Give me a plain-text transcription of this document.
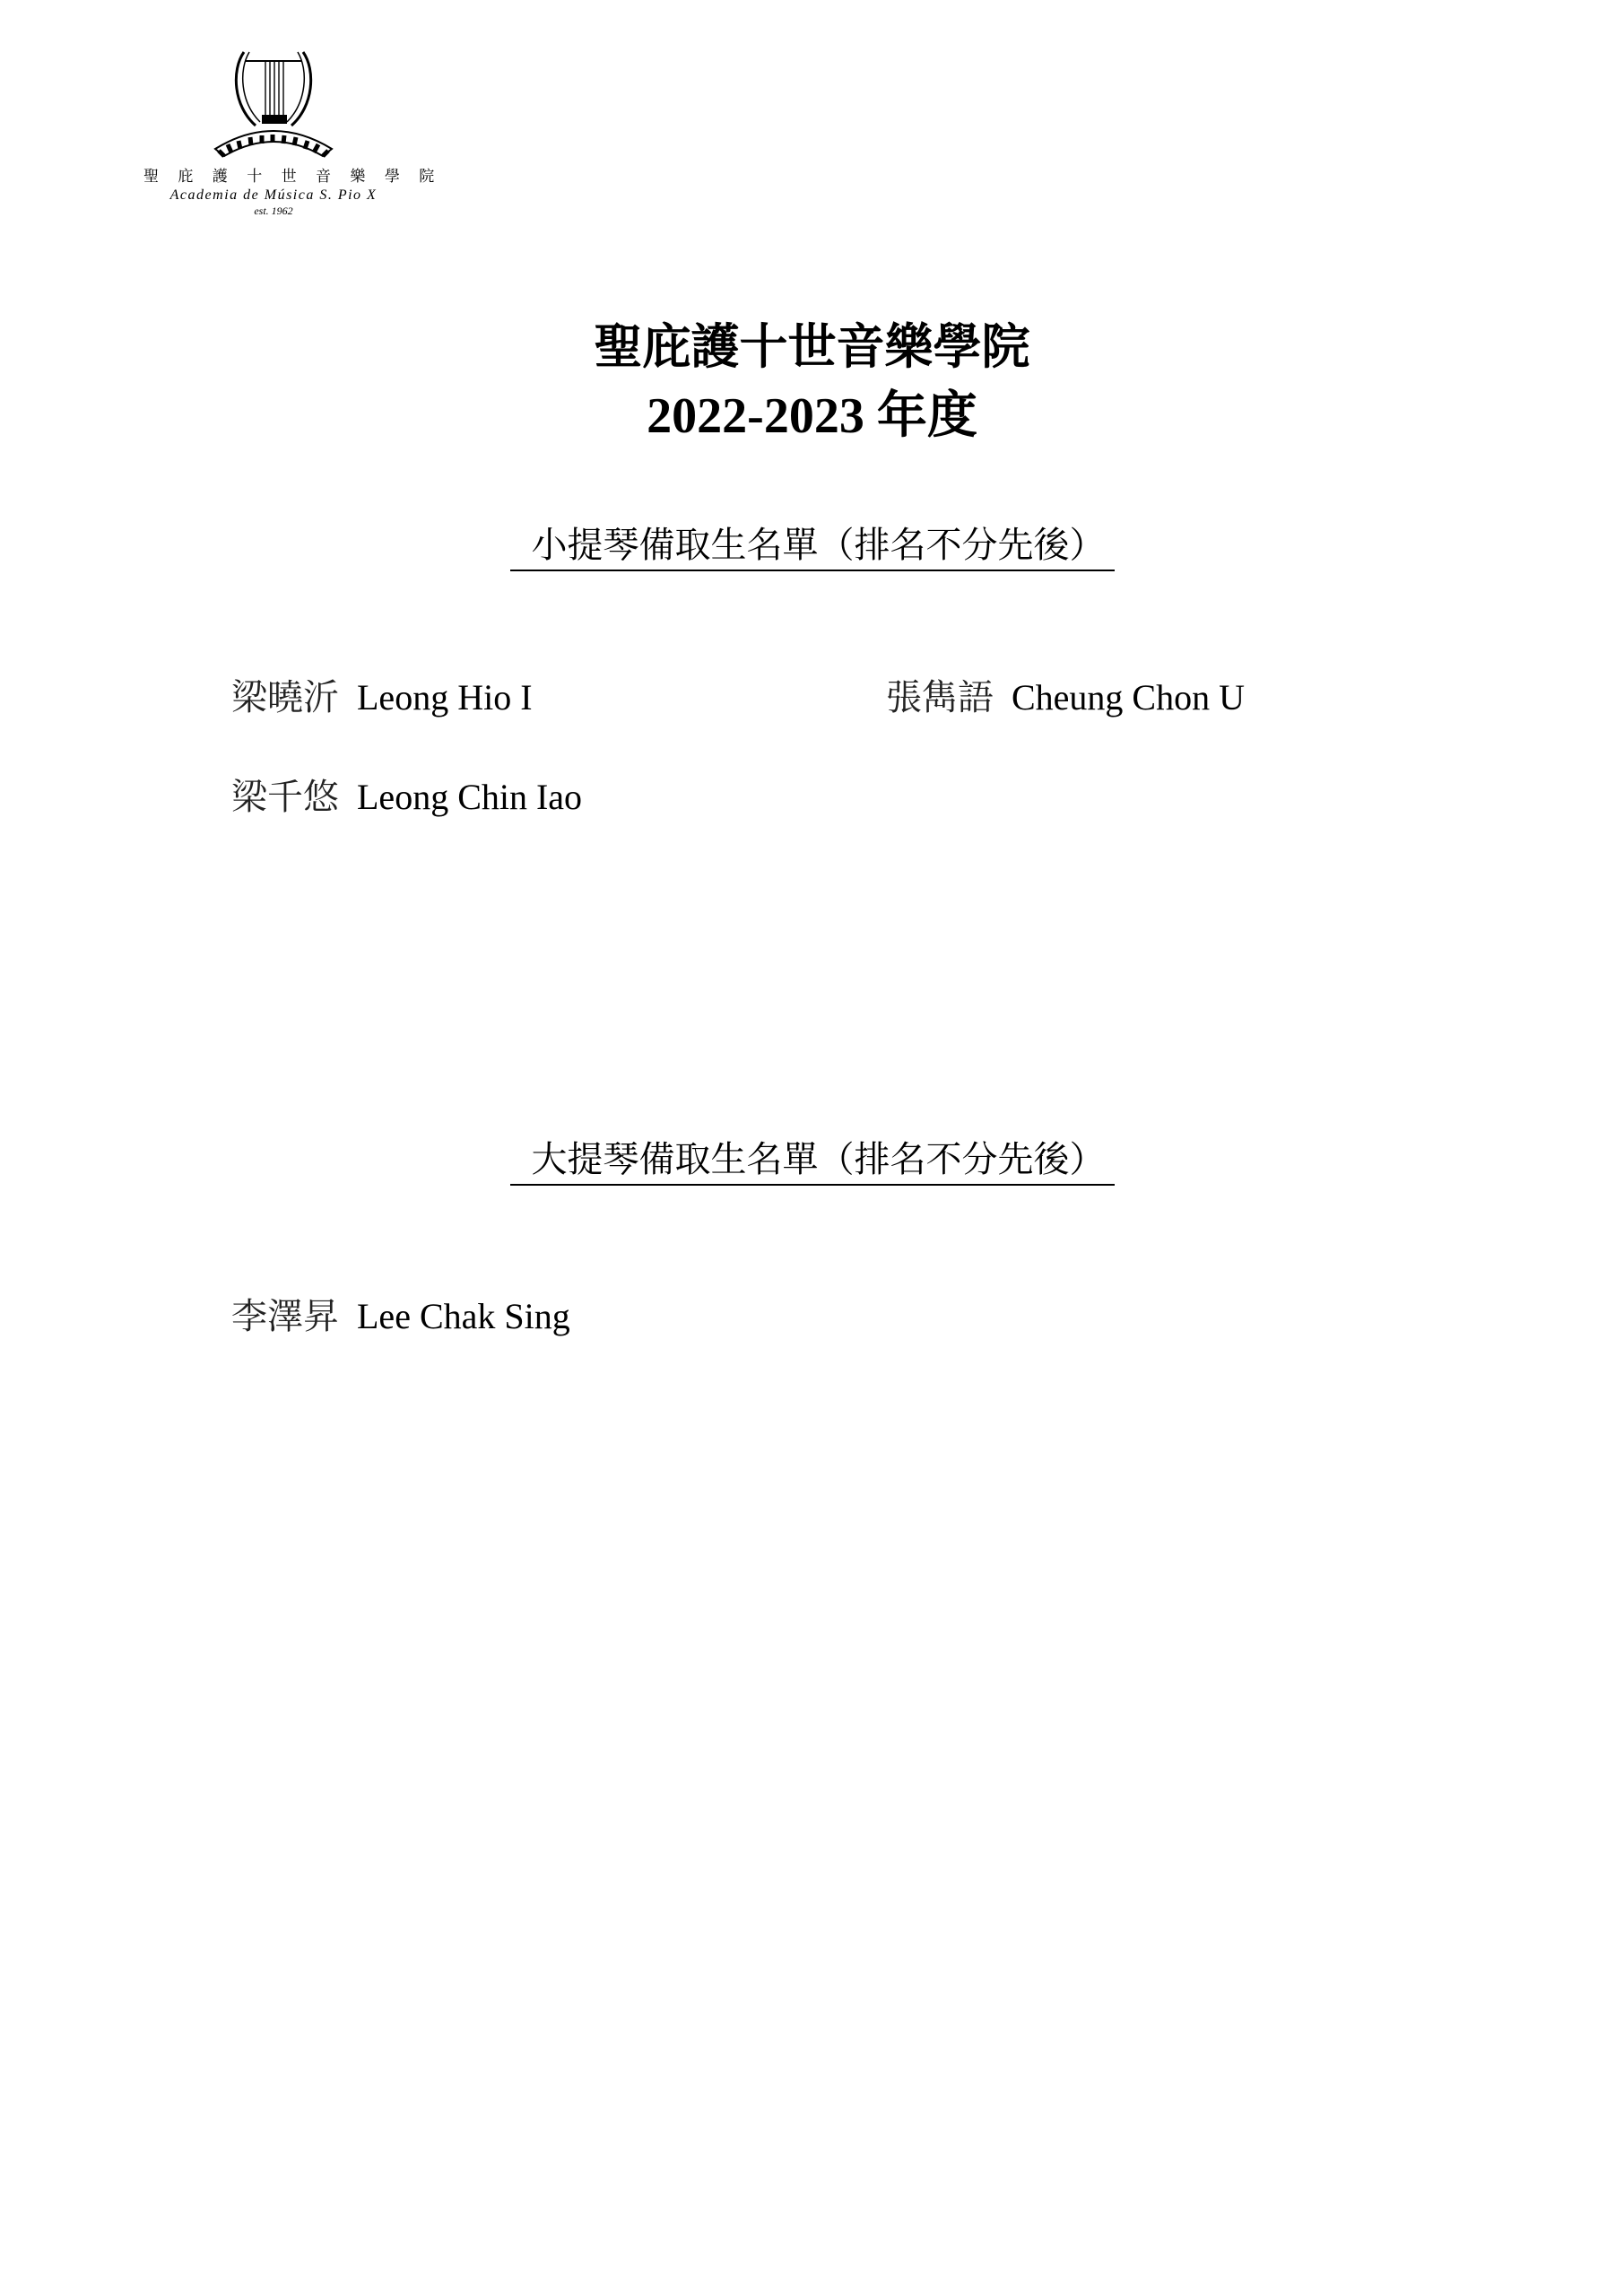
聖 庇 護 十 世 音 樂 學 院
Academia de Música S. Pio X
est. 1962
聖庇護十世音樂學院
2022-2023 年度
小提琴備取生名單（排名不分先後）
梁曉沂 Leong Hio I	張雋語 Cheung Chon U
梁千悠 Leong Chin Iao
大提琴備取生名單（排名不分先後）
李澤昇 Lee Chak Sing
